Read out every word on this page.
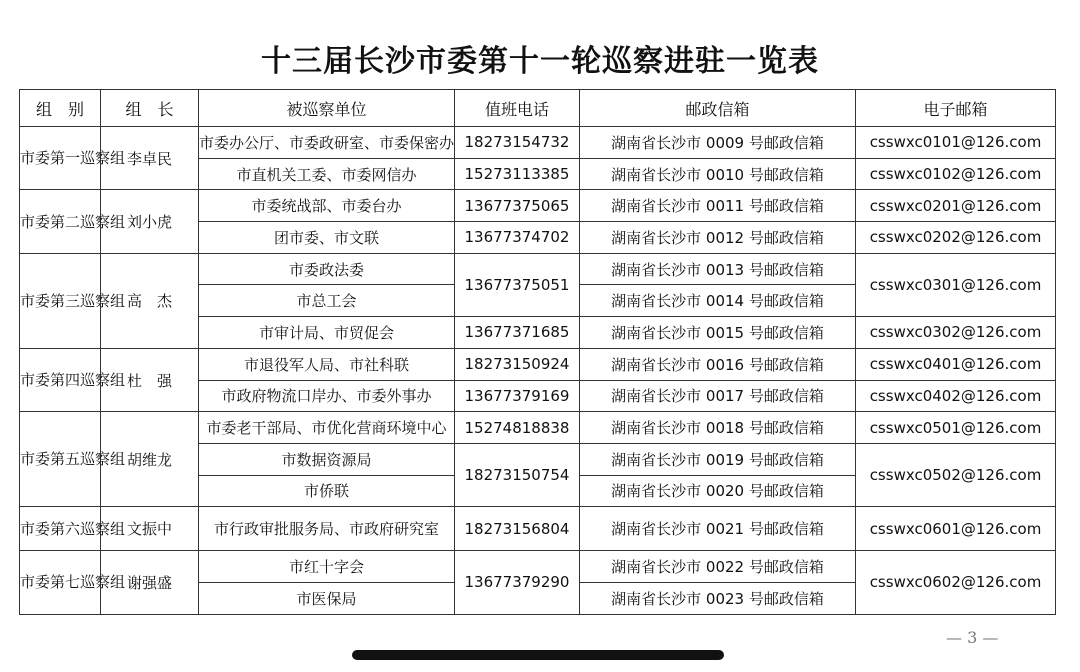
十三届长沙市委第十一轮巡察进驻一览表
组　别	组　长	被巡察单位	值班电话	邮政信箱	电子邮箱
市委第一巡察组	李卓民	市委办公厅、市委政研室、市委保密办	18273154732	湖南省长沙市 0009 号邮政信箱	csswxc0101@126.com
		市直机关工委、市委网信办	15273113385	湖南省长沙市 0010 号邮政信箱	csswxc0102@126.com
市委第二巡察组	刘小虎	市委统战部、市委台办	13677375065	湖南省长沙市 0011 号邮政信箱	csswxc0201@126.com
		团市委、市文联	13677374702	湖南省长沙市 0012 号邮政信箱	csswxc0202@126.com
市委第三巡察组	高　杰	市委政法委	13677375051	湖南省长沙市 0013 号邮政信箱	csswxc0301@126.com
		市总工会		湖南省长沙市 0014 号邮政信箱	
		市审计局、市贸促会	13677371685	湖南省长沙市 0015 号邮政信箱	csswxc0302@126.com
市委第四巡察组	杜　强	市退役军人局、市社科联	18273150924	湖南省长沙市 0016 号邮政信箱	csswxc0401@126.com
		市政府物流口岸办、市委外事办	13677379169	湖南省长沙市 0017 号邮政信箱	csswxc0402@126.com
市委第五巡察组	胡维龙	市委老干部局、市优化营商环境中心	15274818838	湖南省长沙市 0018 号邮政信箱	csswxc0501@126.com
		市数据资源局	18273150754	湖南省长沙市 0019 号邮政信箱	csswxc0502@126.com
		市侨联		湖南省长沙市 0020 号邮政信箱	
市委第六巡察组	文振中	市行政审批服务局、市政府研究室	18273156804	湖南省长沙市 0021 号邮政信箱	csswxc0601@126.com
市委第七巡察组	谢强盛	市红十字会	13677379290	湖南省长沙市 0022 号邮政信箱	csswxc0602@126.com
		市医保局		湖南省长沙市 0023 号邮政信箱	
— 3 —
